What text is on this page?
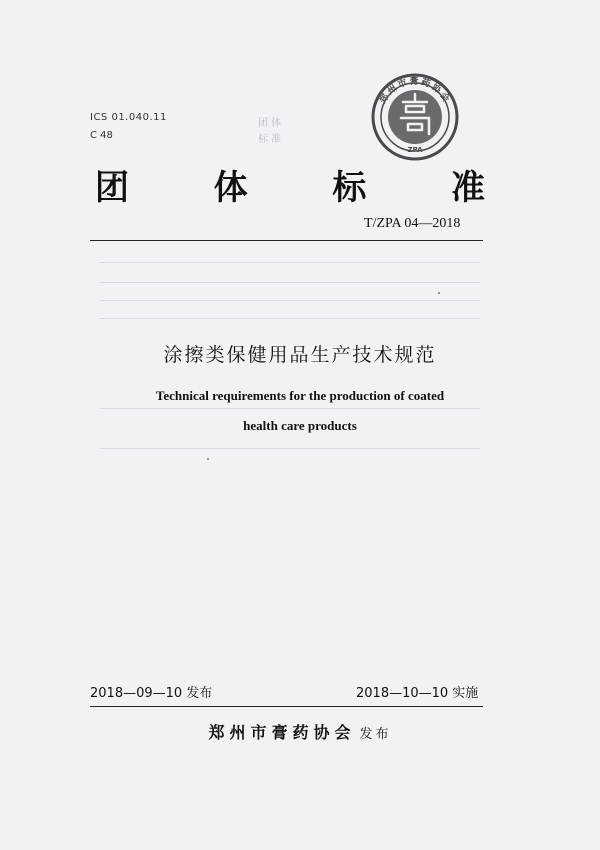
ICS 01.040.11
C 48
团 体
标 准
郑州市膏药协会
ZPA
团 体 标 准
T/ZPA 04—2018
涂擦类保健用品生产技术规范
Technical requirements for the production of coated
health care products
2018—09—10 发布	2018—10—10 实施
郑州市膏药协会 发布
